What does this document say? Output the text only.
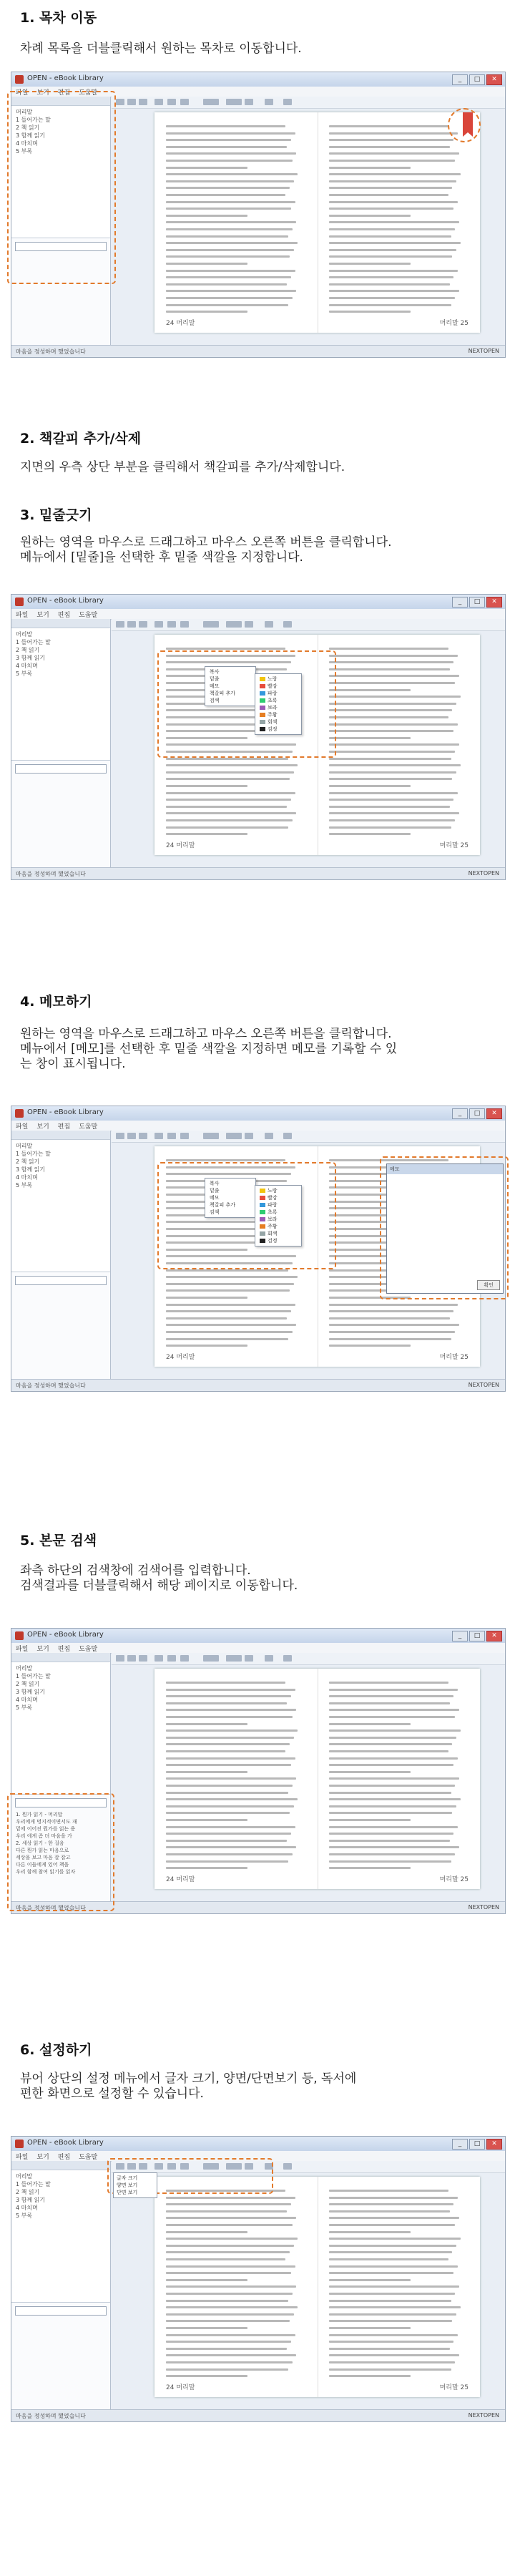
1. 목차 이동
차례 목록을 더블클릭해서 원하는 목차로 이동합니다.
2. 책갈피 추가/삭제
지면의 우측 상단 부분을 클릭해서 책갈피를 추가/삭제합니다.
3. 밑줄긋기
원하는 영역을 마우스로 드래그하고 마우스 오른쪽 버튼을 클릭합니다.
메뉴에서 [밑줄]을 선택한 후 밑줄 색깔을 지정합니다.
4. 메모하기
원하는 영역을 마우스로 드래그하고 마우스 오른쪽 버튼을 클릭합니다.
메뉴에서 [메모]를 선택한 후 밑줄 색깔을 지정하면 메모를 기록할 수 있
는 창이 표시됩니다.
5. 본문 검색
좌측 하단의 검색창에 검색어를 입력합니다.
검색결과를 더블클릭해서 해당 페이지로 이동합니다.
6. 설정하기
뷰어 상단의 설정 메뉴에서 글자 크기, 양면/단면보기 등, 독서에
편한 화면으로 설정할 수 있습니다.
OPEN - eBook Library	_	□	✕
파일 보기 편집 도움말
머리말
1 들어가는 말
2 책 읽기
3 함께 읽기
4 마치며
5 부록
24 머리말	머리말 25
마음을 정성하며 했었습니다	NEXTOPEN
OPEN - eBook Library	_	□	✕
파일 보기 편집 도움말
머리말
1 들어가는 말
2 책 읽기
3 함께 읽기
4 마치며
5 부록
24 머리말	머리말 25
마음을 정성하며 했었습니다	NEXTOPEN
복사
밑줄
메모
책갈피 추가
검색
노랑
빨강
파랑
초록
보라
주황
회색
검정
OPEN - eBook Library	_	□	✕
파일 보기 편집 도움말
머리말
1 들어가는 말
2 책 읽기
3 함께 읽기
4 마치며
5 부록
24 머리말	머리말 25
마음을 정성하며 했었습니다	NEXTOPEN
복사
밑줄
메모
책갈피 추가
검색
노랑
빨강
파랑
초록
보라
주황
회색
검정
메모
확인
OPEN - eBook Library	_	□	✕
파일 보기 편집 도움말
머리말
1 들어가는 말
2 책 읽기
3 함께 읽기
4 마치며
5 부록
1. 뭔가 읽기 - 머리말
우리에게 명지적이면서도 재
밑에 이어진 뭔가를 읽는 용
우리 에게 좀 더 마음을 가
2. 세상 읽기 - 한 걸음
다른 뭔가 읽는 마음으로
세상을 보고 마음 잘 잡고
다른 이들에게 있어 책을
우리 함께 참여 읽기를 읽자
24 머리말	머리말 25
마음을 정성하며 했었습니다	NEXTOPEN
OPEN - eBook Library	_	□	✕
파일 보기 편집 도움말
머리말
1 들어가는 말
2 책 읽기
3 함께 읽기
4 마치며
5 부록
24 머리말	머리말 25
마음을 정성하며 했었습니다	NEXTOPEN
글자 크기
양면 보기
단면 보기
